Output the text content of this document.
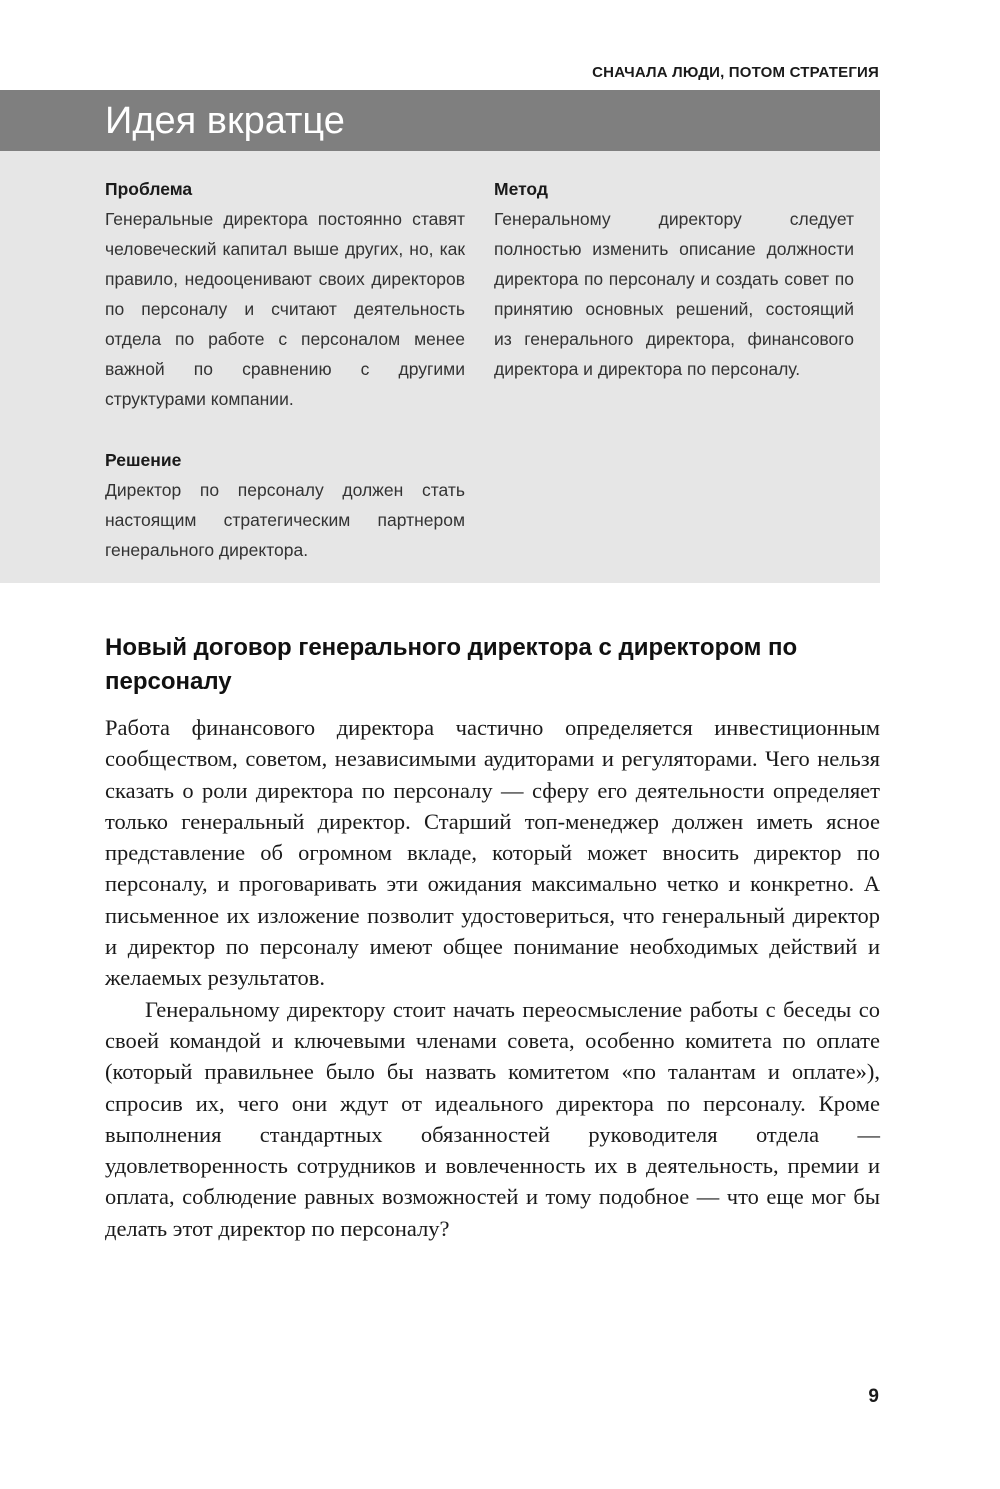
СНАЧАЛА ЛЮДИ, ПОТОМ СТРАТЕГИЯ
Идея вкратце
Проблема

Генеральные директора постоянно ставят человеческий капитал выше других, но, как правило, недооценивают своих директоров по персоналу и считают деятельность отдела по работе с персоналом менее важной по сравнению с другими структурами компании.

Решение

Директор по персоналу должен стать настоящим стратегическим партнером генерального директора.

Метод

Генеральному директору следует полностью изменить описание должности директора по персоналу и создать совет по принятию основных решений, состоящий из генерального директора, финансового директора и директора по персоналу.

Новый договор генерального директора с директором по персоналу

Работа финансового директора частично определяется инвестиционным сообществом, советом, независимыми аудиторами и регуляторами. Чего нельзя сказать о роли директора по персоналу — сферу его деятельности определяет только генеральный директор. Старший топ-менеджер должен иметь ясное представление об огромном вкладе, который может вносить директор по персоналу, и проговаривать эти ожидания максимально четко и конкретно. А письменное их изложение позволит удостовериться, что генеральный директор и директор по персоналу имеют общее понимание необходимых действий и желаемых результатов.

Генеральному директору стоит начать переосмысление работы с беседы со своей командой и ключевыми членами совета, особенно комитета по оплате (который правильнее было бы назвать комитетом «по талантам и оплате»), спросив их, чего они ждут от идеального директора по персоналу. Кроме выполнения стандартных обязанностей руководителя отдела — удовлетворенность сотрудников и вовлеченность их в деятельность, премии и оплата, соблюдение равных возможностей и тому подобное — что еще мог бы делать этот директор по персоналу?

9
